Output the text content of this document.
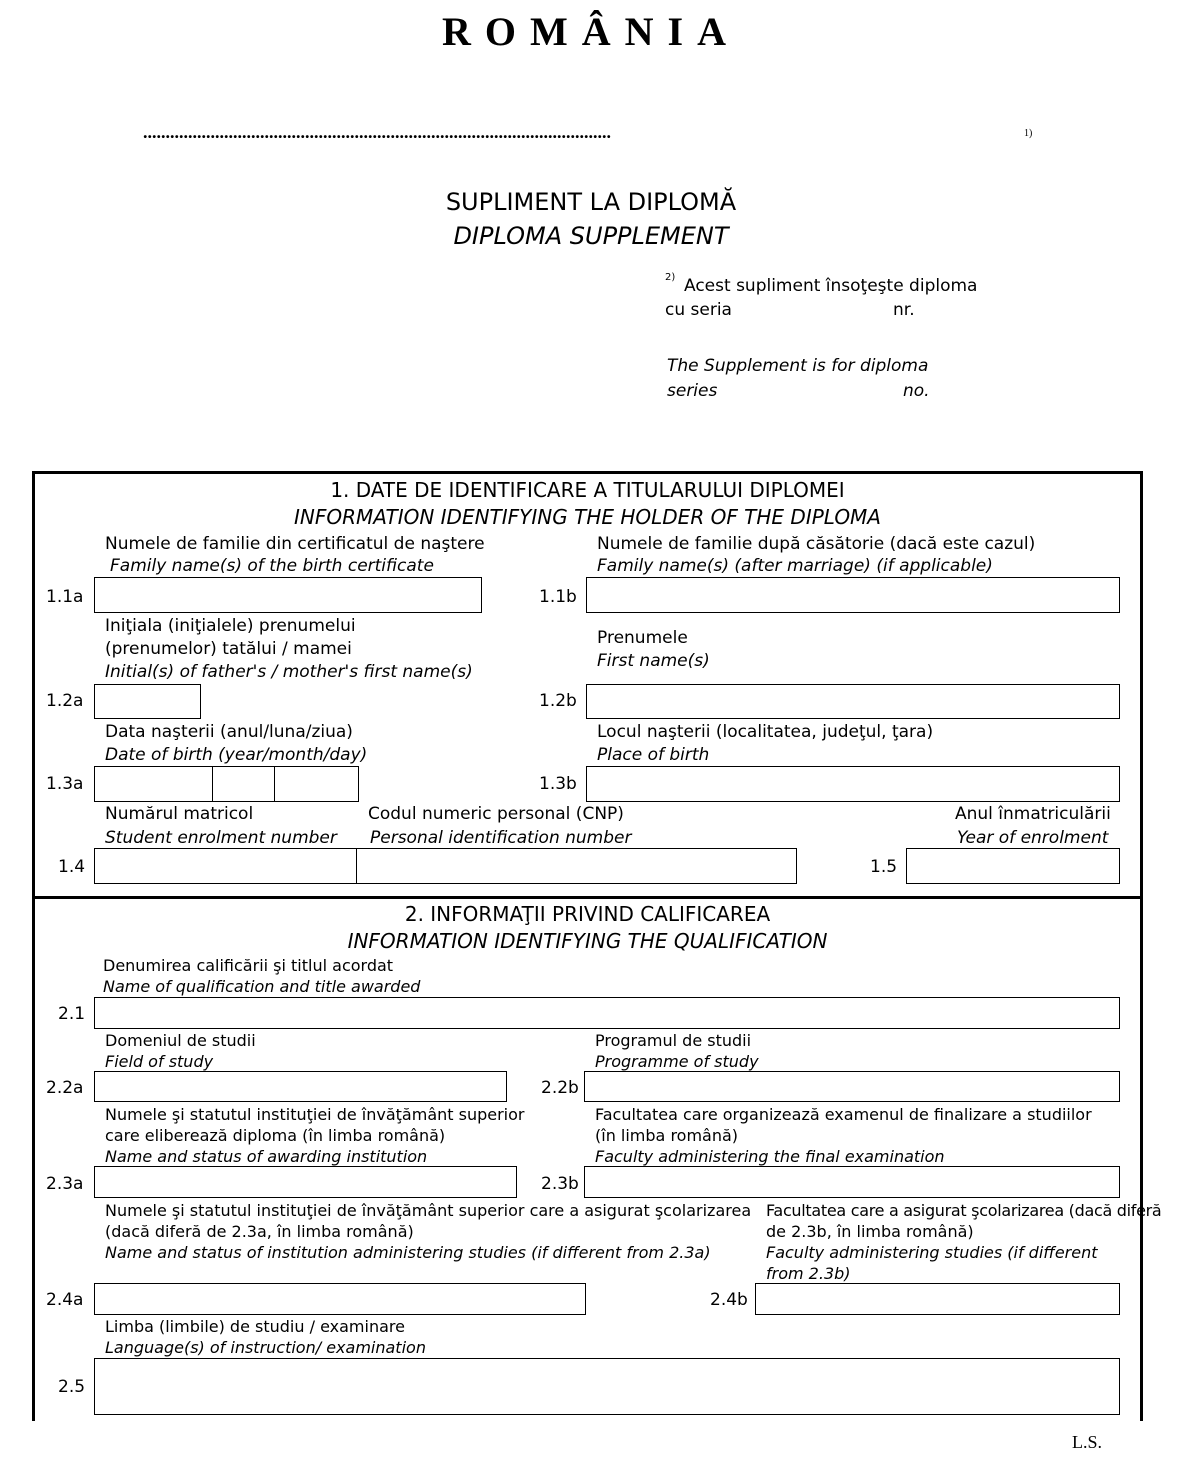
ROMÂNIA
........................................................................................................	1)
SUPLIMENT LA DIPLOMĂ
DIPLOMA SUPPLEMENT
2) Acest supliment însoţeşte diploma
cu seria	nr.
The Supplement is for diploma
series	no.
1. DATE DE IDENTIFICARE A TITULARULUI DIPLOMEI
INFORMATION IDENTIFYING THE HOLDER OF THE DIPLOMA
Numele de familie din certificatul de naştere
Family name(s) of the birth certificate
1.1a
Numele de familie după căsătorie (dacă este cazul)
Family name(s) (after marriage) (if applicable)
1.1b
Iniţiala (iniţialele) prenumelui
(prenumelor) tatălui / mamei
Initial(s) of father's / mother's first name(s)
1.2a
Prenumele
First name(s)
1.2b
Data naşterii (anul/luna/ziua)
Date of birth (year/month/day)
1.3a
Locul naşterii (localitatea, judeţul, ţara)
Place of birth
1.3b
Numărul matricol
Student enrolment number
1.4
Codul numeric personal (CNP)
Personal identification number
Anul înmatriculării
Year of enrolment
1.5
2. INFORMAŢII PRIVIND CALIFICAREA
INFORMATION IDENTIFYING THE QUALIFICATION
Denumirea calificării şi titlul acordat
Name of qualification and title awarded
2.1
Domeniul de studii
Field of study
2.2a
Programul de studii
Programme of study
2.2b
Numele şi statutul instituţiei de învăţământ superior
care eliberează diploma (în limba română)
Name and status of awarding institution
2.3a
Facultatea care organizează examenul de finalizare a studiilor
(în limba română)
Faculty administering the final examination
2.3b
Numele şi statutul instituţiei de învăţământ superior care a asigurat şcolarizarea
(dacă diferă de 2.3a, în limba română)
Name and status of institution administering studies (if different from 2.3a)
2.4a
Facultatea care a asigurat şcolarizarea (dacă diferă
de 2.3b, în limba română)
Faculty administering studies (if different
from 2.3b)
2.4b
Limba (limbile) de studiu / examinare
Language(s) of instruction/ examination
2.5
L.S.
